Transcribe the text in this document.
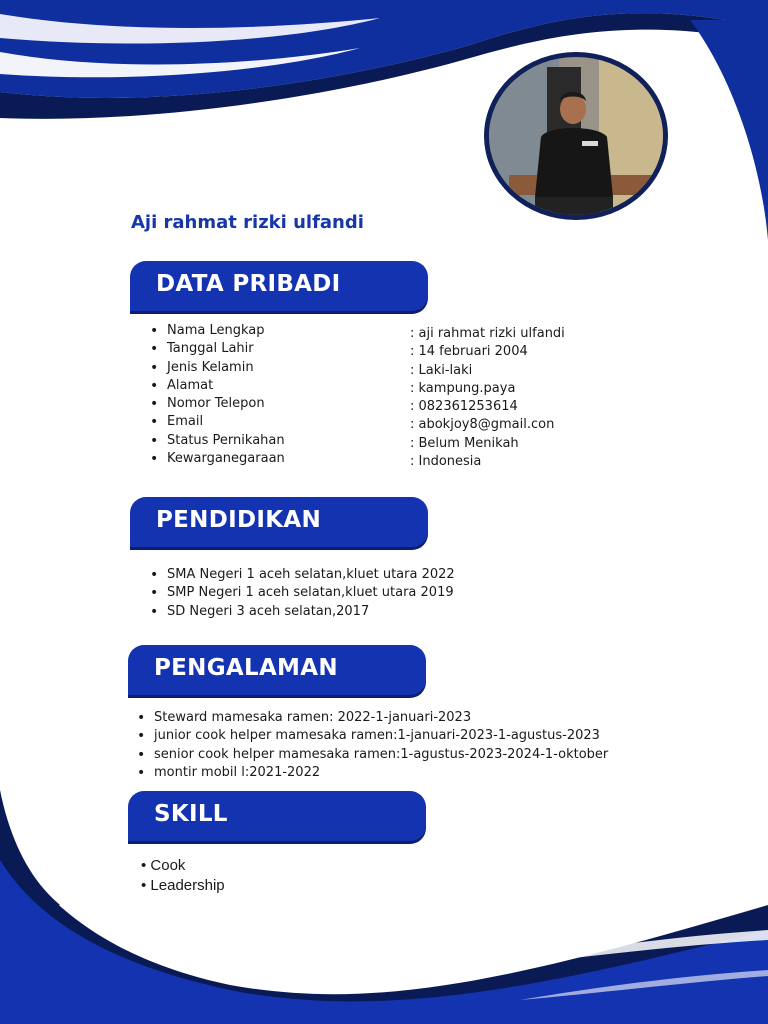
Aji rahmat rizki ulfandi
DATA PRIBADI
• Nama Lengkap
• Tanggal Lahir
• Jenis Kelamin
• Alamat
• Nomor Telepon
• Email
• Status Pernikahan
• Kewarganegaraan
: aji rahmat rizki ulfandi
: 14 februari 2004
: Laki-laki
: kampung.paya
: 082361253614
: abokjoy8@gmail.con
: Belum Menikah
: Indonesia
PENDIDIKAN
• SMA Negeri 1 aceh selatan,kluet utara 2022
• SMP Negeri 1 aceh selatan,kluet utara 2019
• SD Negeri 3 aceh selatan,2017
PENGALAMAN
• Steward mamesaka ramen: 2022-1-januari-2023
• junior cook helper mamesaka ramen:1-januari-2023-1-agustus-2023
• senior cook helper mamesaka ramen:1-agustus-2023-2024-1-oktober
• montir mobil l:2021-2022
SKILL
• Cook
• Leadership
